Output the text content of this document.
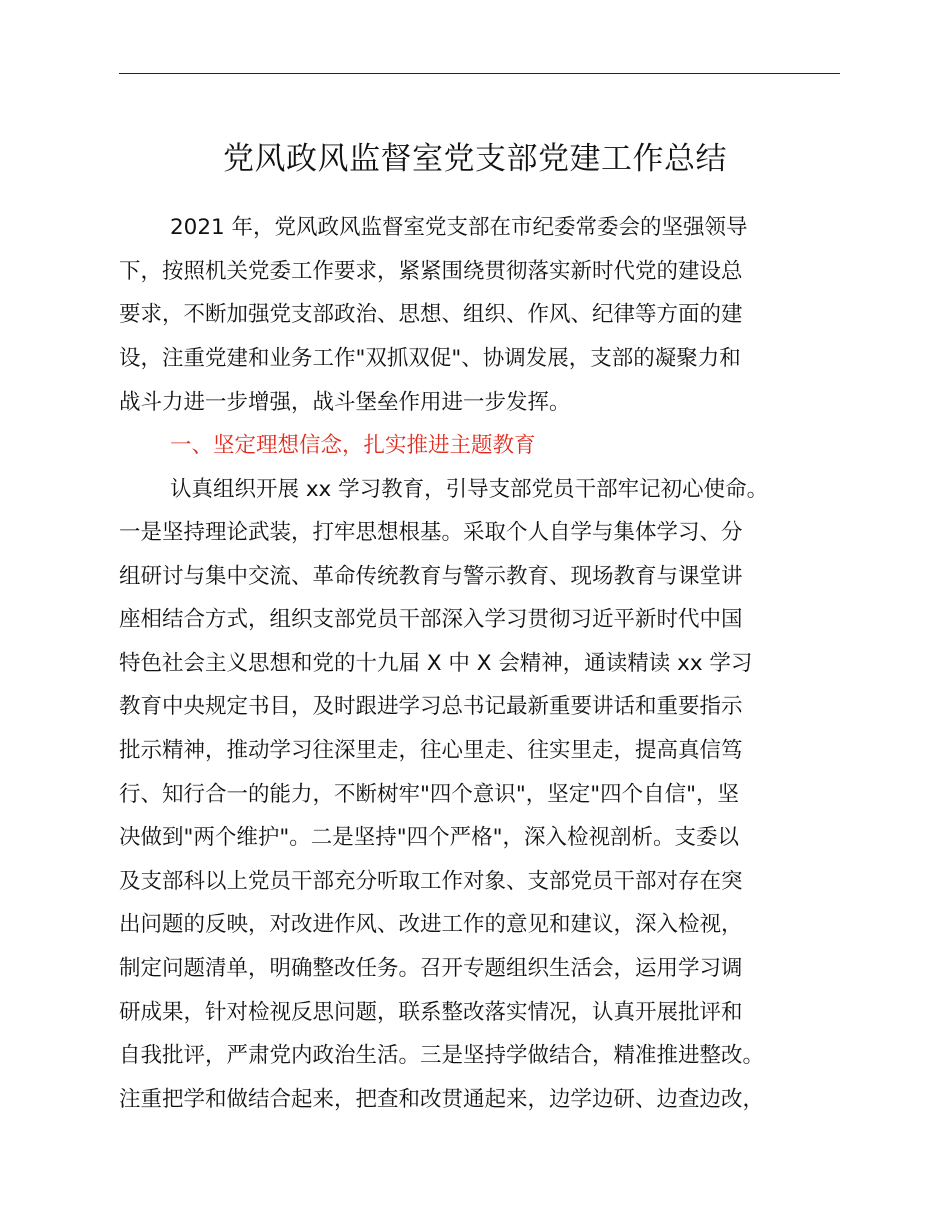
党风政风监督室党支部党建工作总结
2021 年，党风政风监督室党支部在市纪委常委会的坚强领导
下，按照机关党委工作要求，紧紧围绕贯彻落实新时代党的建设总
要求，不断加强党支部政治、思想、组织、作风、纪律等方面的建
设，注重党建和业务工作"双抓双促"、协调发展，支部的凝聚力和
战斗力进一步增强，战斗堡垒作用进一步发挥。
一、坚定理想信念，扎实推进主题教育
认真组织开展 xx 学习教育，引导支部党员干部牢记初心使命。
一是坚持理论武装，打牢思想根基。采取个人自学与集体学习、分
组研讨与集中交流、革命传统教育与警示教育、现场教育与课堂讲
座相结合方式，组织支部党员干部深入学习贯彻习近平新时代中国
特色社会主义思想和党的十九届 X 中 X 会精神，通读精读 xx 学习
教育中央规定书目，及时跟进学习总书记最新重要讲话和重要指示
批示精神，推动学习往深里走，往心里走、往实里走，提高真信笃
行、知行合一的能力，不断树牢"四个意识"，坚定"四个自信"，坚
决做到"两个维护"。二是坚持"四个严格"，深入检视剖析。支委以
及支部科以上党员干部充分听取工作对象、支部党员干部对存在突
出问题的反映，对改进作风、改进工作的意见和建议，深入检视，
制定问题清单，明确整改任务。召开专题组织生活会，运用学习调
研成果，针对检视反思问题，联系整改落实情况，认真开展批评和
自我批评，严肃党内政治生活。三是坚持学做结合，精准推进整改。
注重把学和做结合起来，把查和改贯通起来，边学边研、边查边改，
